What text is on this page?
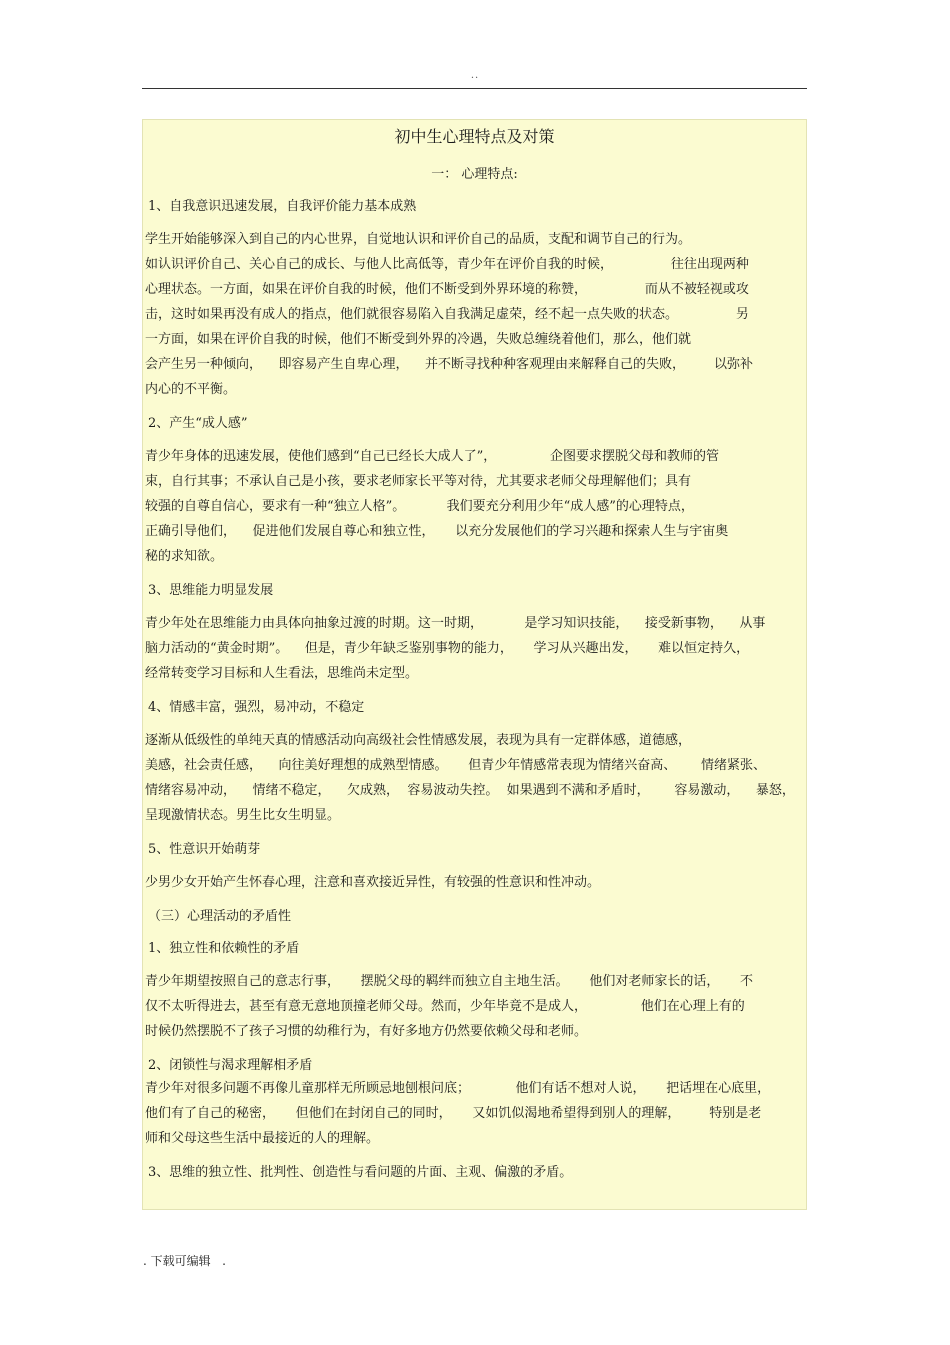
..
初中生心理特点及对策
一： 心理特点:
1、自我意识迅速发展，自我评价能力基本成熟
学生开始能够深入到自己的内心世界，自觉地认识和评价自己的品质，支配和调节自己的行为。
如认识评价自己、关心自己的成长、与他人比高低等，青少年在评价自我的时候，              往往出现两种
心理状态。一方面，如果在评价自我的时候，他们不断受到外界环境的称赞，              而从不被轻视或攻
击，这时如果再没有成人的指点，他们就很容易陷入自我满足虚荣，经不起一点失败的状态。              另
一方面，如果在评价自我的时候，他们不断受到外界的冷遇，失败总缠绕着他们，那么，他们就
会产生另一种倾向，    即容易产生自卑心理，    并不断寻找种种客观理由来解释自己的失败，       以弥补
内心的不平衡。
2、产生“成人感”
青少年身体的迅速发展，使他们感到“自己已经长大成人了”，             企图要求摆脱父母和教师的管
束，自行其事；不承认自己是小孩，要求老师家长平等对待，尤其要求老师父母理解他们；具有
较强的自尊自信心，要求有一种“独立人格”。          我们要充分利用少年“成人感”的心理特点，
正确引导他们，    促进他们发展自尊心和独立性，     以充分发展他们的学习兴趣和探索人生与宇宙奥
秘的求知欲。
3、思维能力明显发展
青少年处在思维能力由具体向抽象过渡的时期。这一时期，          是学习知识技能，    接受新事物，    从事
脑力活动的“黄金时期”。    但是，青少年缺乏鉴别事物的能力，     学习从兴趣出发，     难以恒定持久，
经常转变学习目标和人生看法，思维尚未定型。
4、情感丰富，强烈，易冲动，不稳定
逐渐从低级性的单纯天真的情感活动向高级社会性情感发展，表现为具有一定群体感，道德感，
美感，社会责任感，    向往美好理想的成熟型情感。     但青少年情感常表现为情绪兴奋高、      情绪紧张、
情绪容易冲动，    情绪不稳定，    欠成熟，  容易波动失控。  如果遇到不满和矛盾时，      容易激动，    暴怒，
呈现激情状态。男生比女生明显。
5、性意识开始萌芽
少男少女开始产生怀春心理，注意和喜欢接近异性，有较强的性意识和性冲动。
（三）心理活动的矛盾性
1、独立性和依赖性的矛盾
青少年期望按照自己的意志行事，     摆脱父母的羁绊而独立自主地生活。     他们对老师家长的话，     不
仅不太听得进去，甚至有意无意地顶撞老师父母。然而，少年毕竟不是成人，             他们在心理上有的
时候仍然摆脱不了孩子习惯的幼稚行为，有好多地方仍然要依赖父母和老师。
2、闭锁性与渴求理解相矛盾
青少年对很多问题不再像儿童那样无所顾忌地刨根问底；           他们有话不想对人说，     把话埋在心底里，
他们有了自己的秘密，     但他们在封闭自己的同时，     又如饥似渴地希望得到别人的理解，       特别是老
师和父母这些生活中最接近的人的理解。
3、思维的独立性、批判性、创造性与看问题的片面、主观、偏激的矛盾。
. 下载可编辑   .
